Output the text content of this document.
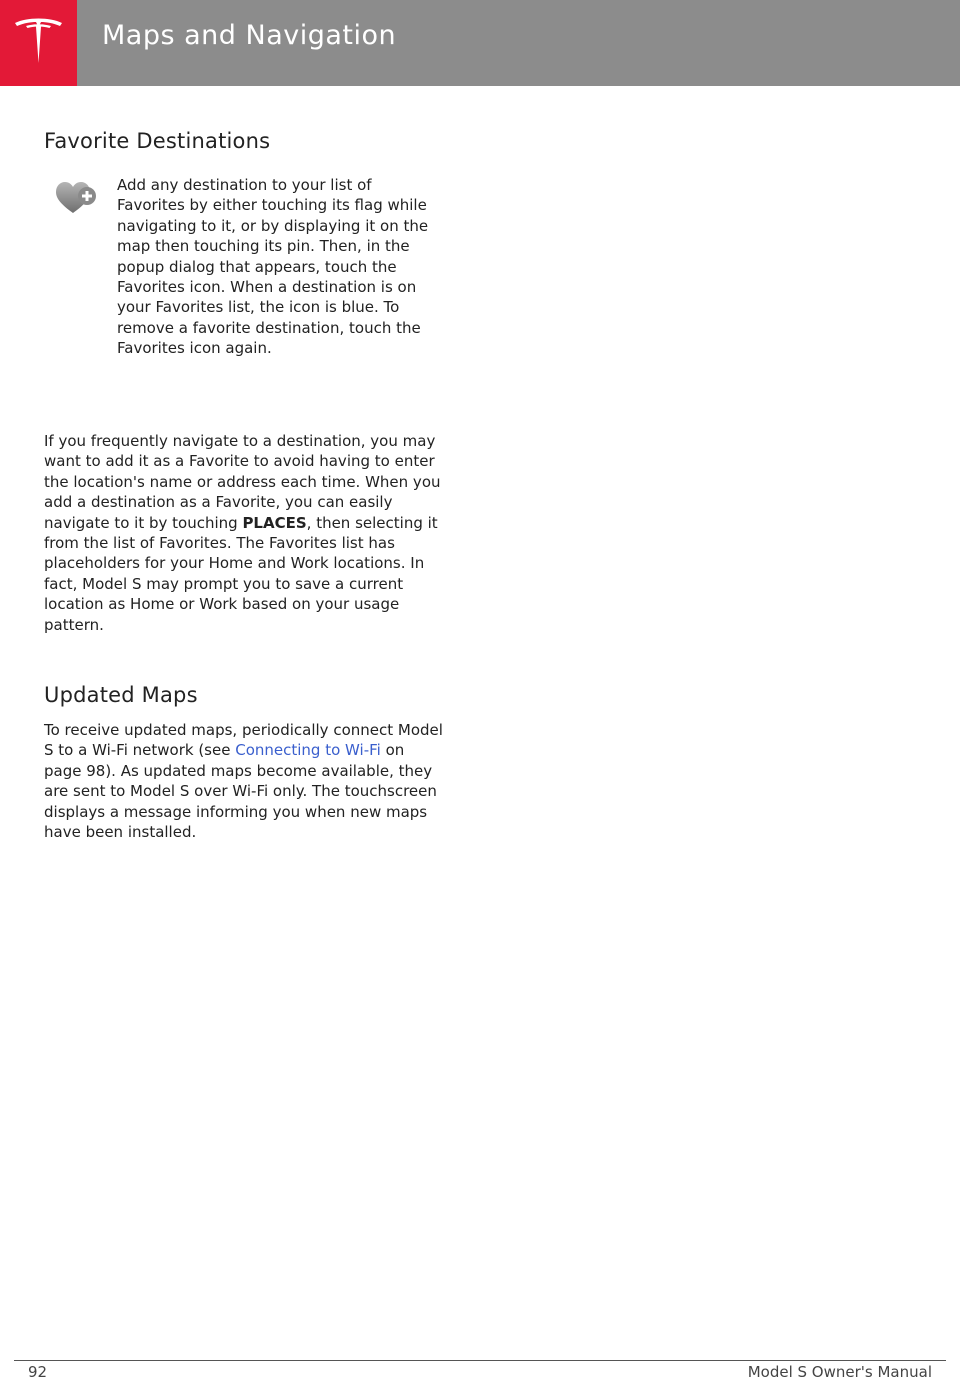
Maps and Navigation
Favorite Destinations
Add any destination to your list of Favorites by either touching its flag while navigating to it, or by displaying it on the map then touching its pin. Then, in the popup dialog that appears, touch the Favorites icon. When a destination is on your Favorites list, the icon is blue. To remove a favorite destination, touch the Favorites icon again.
If you frequently navigate to a destination, you may want to add it as a Favorite to avoid having to enter the location's name or address each time. When you add a destination as a Favorite, you can easily navigate to it by touching PLACES, then selecting it from the list of Favorites. The Favorites list has placeholders for your Home and Work locations. In fact, Model S may prompt you to save a current location as Home or Work based on your usage pattern.
Updated Maps
To receive updated maps, periodically connect Model S to a Wi-Fi network (see Connecting to Wi-Fi on page 98). As updated maps become available, they are sent to Model S over Wi-Fi only. The touchscreen displays a message informing you when new maps have been installed.
92	Model S Owner's Manual
